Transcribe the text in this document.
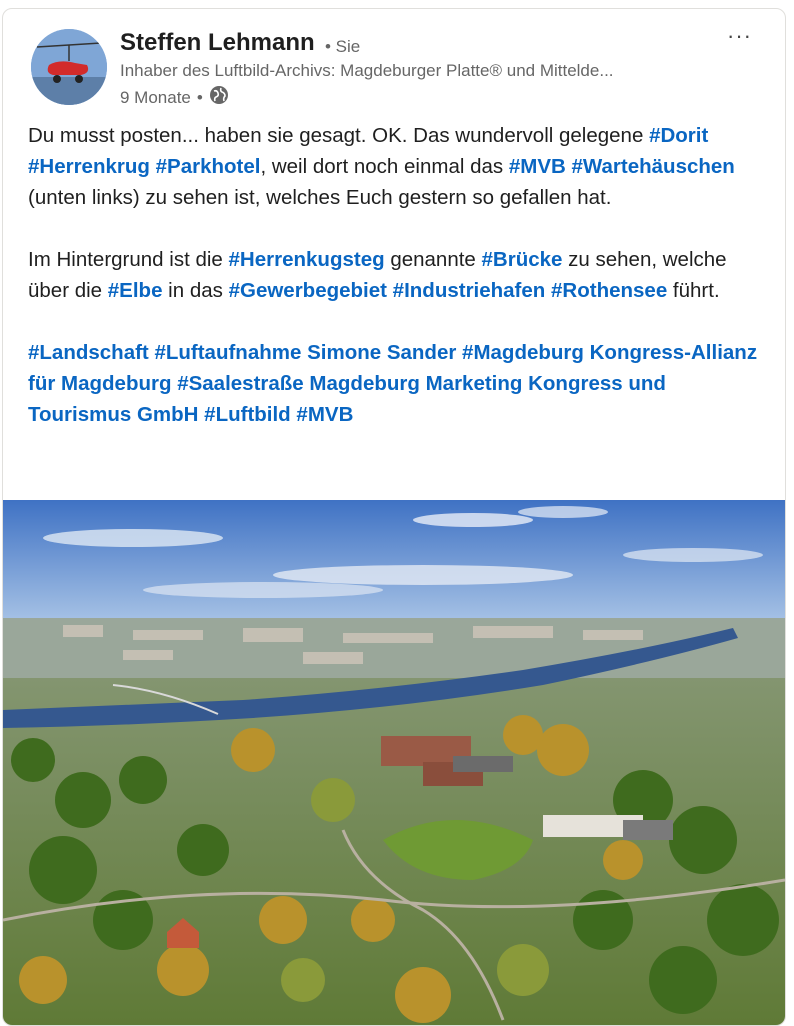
Steffen Lehmann • Sie
Inhaber des Luftbild-Archivs: Magdeburger Platte® und Mittelde...
9 Monate •
···

Du musst posten... haben sie gesagt. OK. Das wundervoll gelegene #Dorit #Herrenkrug #Parkhotel, weil dort noch einmal das #MVB #Wartehäuschen (unten links) zu sehen ist, welches Euch gestern so gefallen hat.

Im Hintergrund ist die #Herrenkugsteg genannte #Brücke zu sehen, welche über die #Elbe in das #Gewerbegebiet #Industriehafen #Rothensee führt.

#Landschaft #Luftaufnahme Simone Sander #Magdeburg Kongress-Allianz für Magdeburg #Saalestraße Magdeburg Marketing Kongress und Tourismus GmbH #Luftbild #MVB
